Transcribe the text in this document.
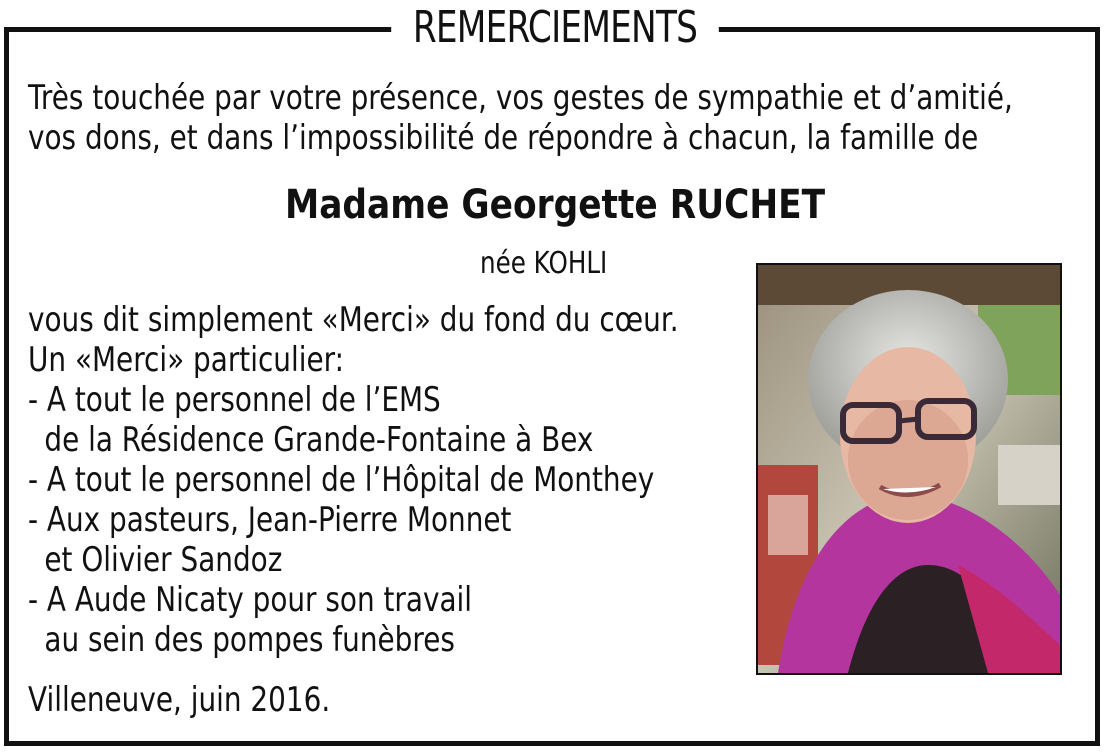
REMERCIEMENTS
Très touchée par votre présence, vos gestes de sympathie et d’amitié,
vos dons, et dans l’impossibilité de répondre à chacun, la famille de
Madame Georgette RUCHET
née KOHLI
vous dit simplement «Merci» du fond du cœur.
Un «Merci» particulier:
- A tout le personnel de l’EMS
de la Résidence Grande-Fontaine à Bex
- A tout le personnel de l’Hôpital de Monthey
- Aux pasteurs, Jean-Pierre Monnet
et Olivier Sandoz
- A Aude Nicaty pour son travail
au sein des pompes funèbres
Villeneuve, juin 2016.
